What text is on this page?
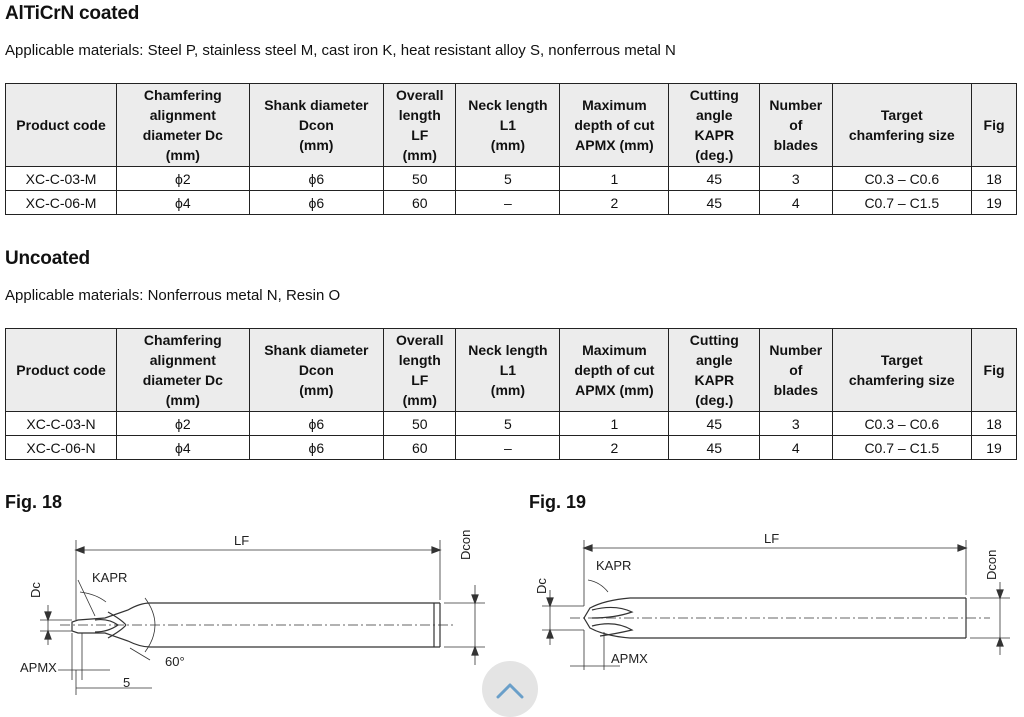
AlTiCrN coated
Applicable materials: Steel P, stainless steel M, cast iron K, heat resistant alloy S, nonferrous metal N
Product code	Chamfering
alignment
diameter Dc
(mm)	Shank diameter
Dcon
(mm)	Overall
length
LF
(mm)	Neck length
L1
(mm)	Maximum
depth of cut
APMX (mm)	Cutting
angle
KAPR
(deg.)	Number
of
blades	Target
chamfering size	Fig

XC-C-03-M	ϕ2	ϕ6	50	5	1	45	3	C0.3 – C0.6	18
XC-C-06-M	ϕ4	ϕ6	60	–	2	45	4	C0.7 – C1.5	19
Uncoated
Applicable materials: Nonferrous metal N, Resin O
Product code	Chamfering
alignment
diameter Dc
(mm)	Shank diameter
Dcon
(mm)	Overall
length
LF
(mm)	Neck length
L1
(mm)	Maximum
depth of cut
APMX (mm)	Cutting
angle
KAPR
(deg.)	Number
of
blades	Target
chamfering size	Fig

XC-C-03-N	ϕ2	ϕ6	50	5	1	45	3	C0.3 – C0.6	18
XC-C-06-N	ϕ4	ϕ6	60	–	2	45	4	C0.7 – C1.5	19
Fig. 18	Fig. 19
LF	Dcon
Dc
KAPR
APMX	60°
5
LF
Dcon
Dc
KAPR
APMX
